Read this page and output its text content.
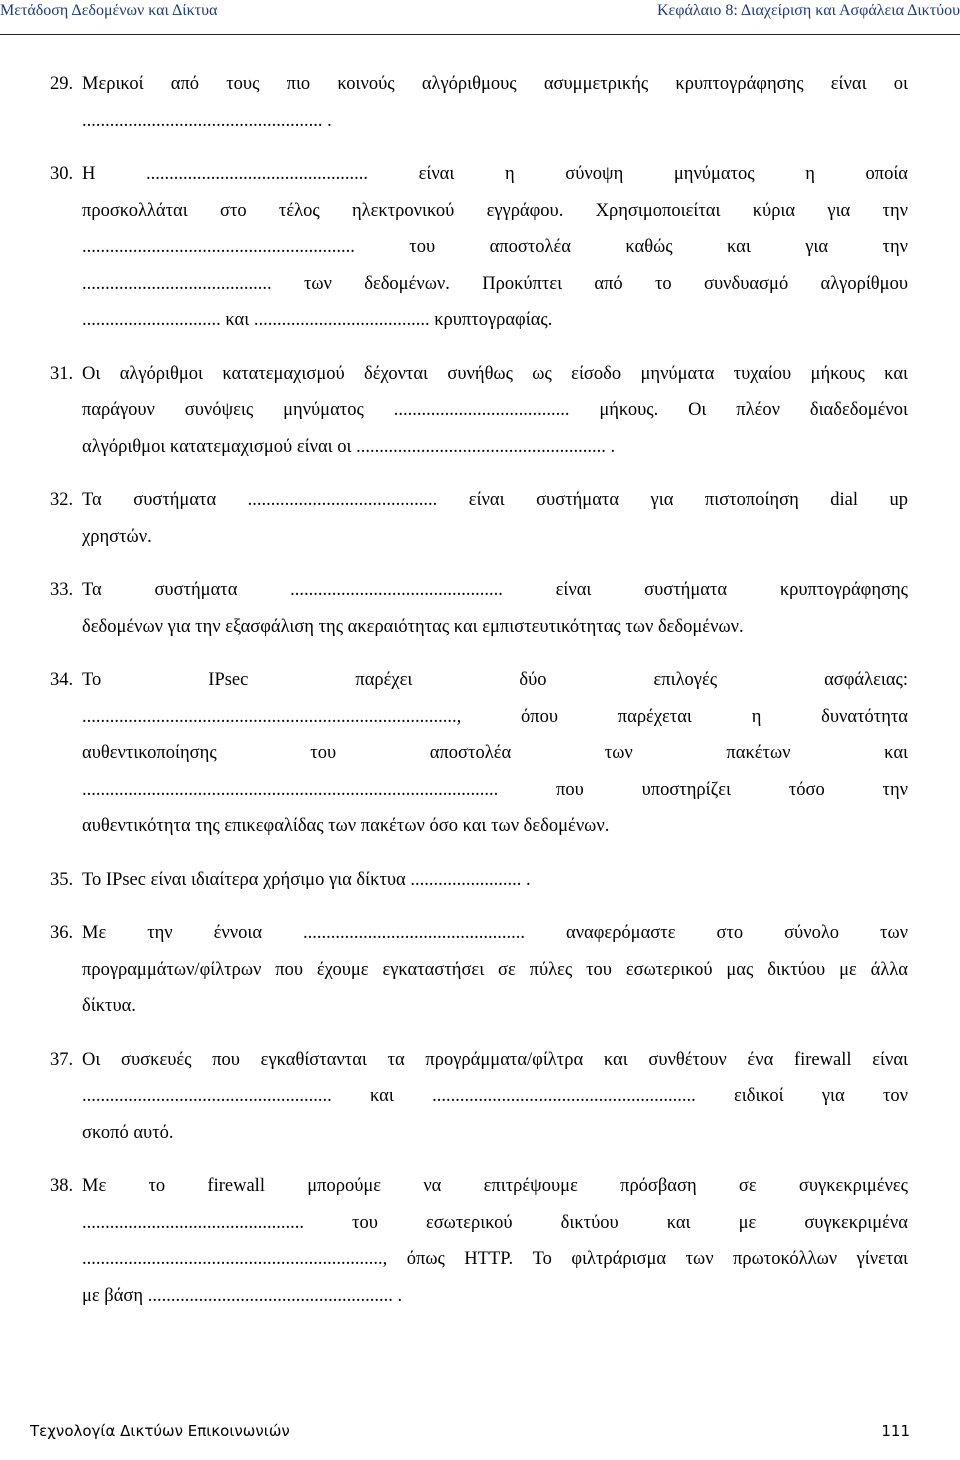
Μετάδοση Δεδομένων και Δίκτυα	Κεφάλαιο 8: Διαχείριση και Ασφάλεια Δικτύου
29. Μερικοί από τους πιο κοινούς αλγόριθμους ασυμμετρικής κρυπτογράφησης είναι οι
.................................................... .
30. Η ................................................ είναι η σύνοψη μηνύματος η οποία
προσκολλάται στο τέλος ηλεκτρονικού εγγράφου. Χρησιμοποιείται κύρια για την
........................................................... του αποστολέα καθώς και για την
......................................... των δεδομένων. Προκύπτει από το συνδυασμό αλγορίθμου
.............................. και ...................................... κρυπτογραφίας.
31. Οι αλγόριθμοι κατατεμαχισμού δέχονται συνήθως ως είσοδο μηνύματα τυχαίου μήκους και
παράγουν συνόψεις μηνύματος ...................................... μήκους. Οι πλέον διαδεδομένοι
αλγόριθμοι κατατεμαχισμού είναι οι ...................................................... .
32. Τα συστήματα ......................................... είναι συστήματα για πιστοποίηση dial up
χρηστών.
33. Τα συστήματα .............................................. είναι συστήματα κρυπτογράφησης
δεδομένων για την εξασφάλιση της ακεραιότητας και εμπιστευτικότητας των δεδομένων.
34. Το IPsec παρέχει δύο επιλογές ασφάλειας:
................................................................................., όπου παρέχεται η δυνατότητα
αυθεντικοποίησης του αποστολέα των πακέτων και
.......................................................................................... που υποστηρίζει τόσο την
αυθεντικότητα της επικεφαλίδας των πακέτων όσο και των δεδομένων.
35. Το IPsec είναι ιδιαίτερα χρήσιμο για δίκτυα ........................ .
36. Με την έννοια ................................................ αναφερόμαστε στο σύνολο των
προγραμμάτων/φίλτρων που έχουμε εγκαταστήσει σε πύλες του εσωτερικού μας δικτύου με άλλα
δίκτυα.
37. Οι συσκευές που εγκαθίστανται τα προγράμματα/φίλτρα και συνθέτουν ένα firewall είναι
...................................................... και ......................................................... ειδικοί για τον
σκοπό αυτό.
38. Με το firewall μπορούμε να επιτρέψουμε πρόσβαση σε συγκεκριμένες
................................................ του εσωτερικού δικτύου και με συγκεκριμένα
................................................................., όπως HTTP. Το φιλτράρισμα των πρωτοκόλλων γίνεται
με βάση ..................................................... .
Τεχνολογία Δικτύων Επικοινωνιών	111
